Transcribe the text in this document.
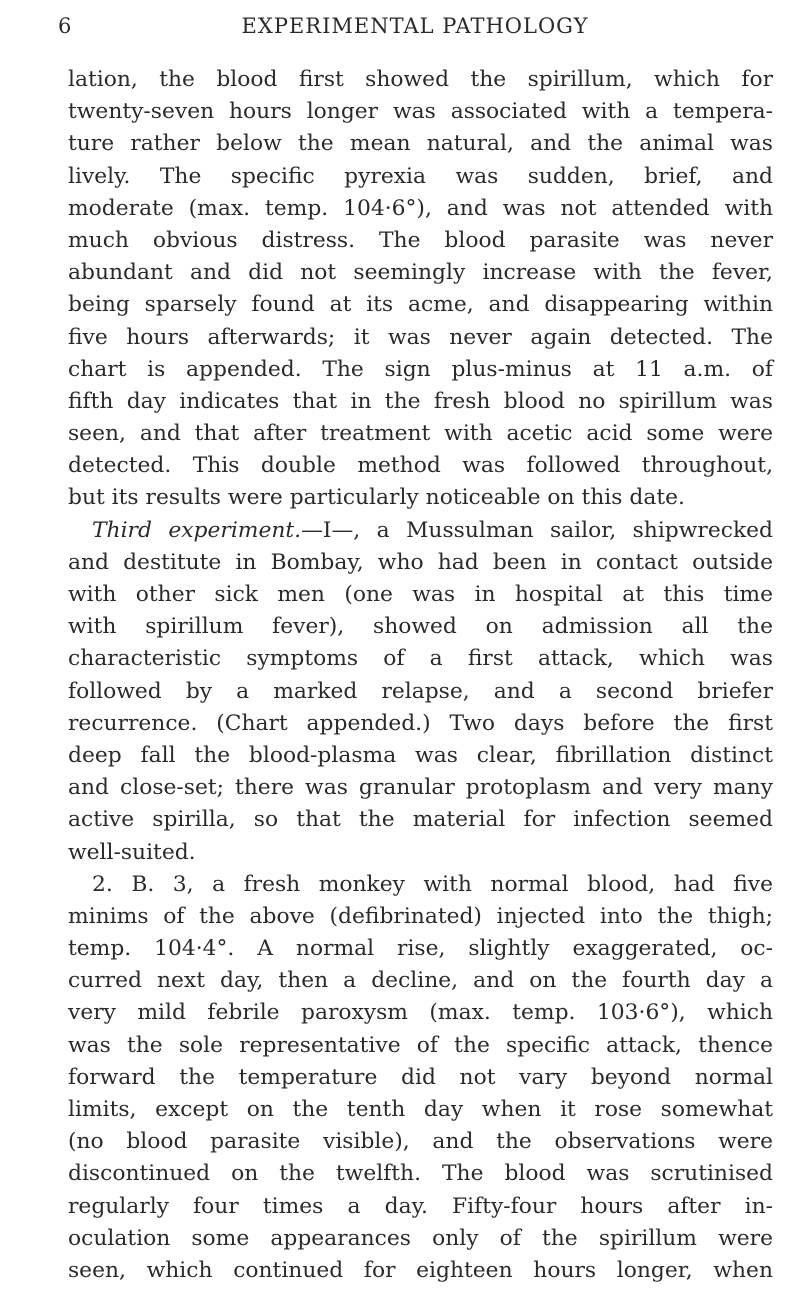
6	EXPERIMENTAL PATHOLOGY
lation, the blood first showed the spirillum, which for
twenty-seven hours longer was associated with a tempera-
ture rather below the mean natural, and the animal was
lively. The specific pyrexia was sudden, brief, and
moderate (max. temp. 104·6°), and was not attended with
much obvious distress. The blood parasite was never
abundant and did not seemingly increase with the fever,
being sparsely found at its acme, and disappearing within
five hours afterwards; it was never again detected. The
chart is appended. The sign plus-minus at 11 a.m. of
fifth day indicates that in the fresh blood no spirillum was
seen, and that after treatment with acetic acid some were
detected. This double method was followed throughout,
but its results were particularly noticeable on this date.
Third experiment.—I—, a Mussulman sailor, shipwrecked
and destitute in Bombay, who had been in contact outside
with other sick men (one was in hospital at this time
with spirillum fever), showed on admission all the
characteristic symptoms of a first attack, which was
followed by a marked relapse, and a second briefer
recurrence. (Chart appended.) Two days before the first
deep fall the blood-plasma was clear, fibrillation distinct
and close-set; there was granular protoplasm and very many
active spirilla, so that the material for infection seemed
well-suited.
2. B. 3, a fresh monkey with normal blood, had five
minims of the above (defibrinated) injected into the thigh;
temp. 104·4°. A normal rise, slightly exaggerated, oc-
curred next day, then a decline, and on the fourth day a
very mild febrile paroxysm (max. temp. 103·6°), which
was the sole representative of the specific attack, thence
forward the temperature did not vary beyond normal
limits, except on the tenth day when it rose somewhat
(no blood parasite visible), and the observations were
discontinued on the twelfth. The blood was scrutinised
regularly four times a day. Fifty-four hours after in-
oculation some appearances only of the spirillum were
seen, which continued for eighteen hours longer, when
